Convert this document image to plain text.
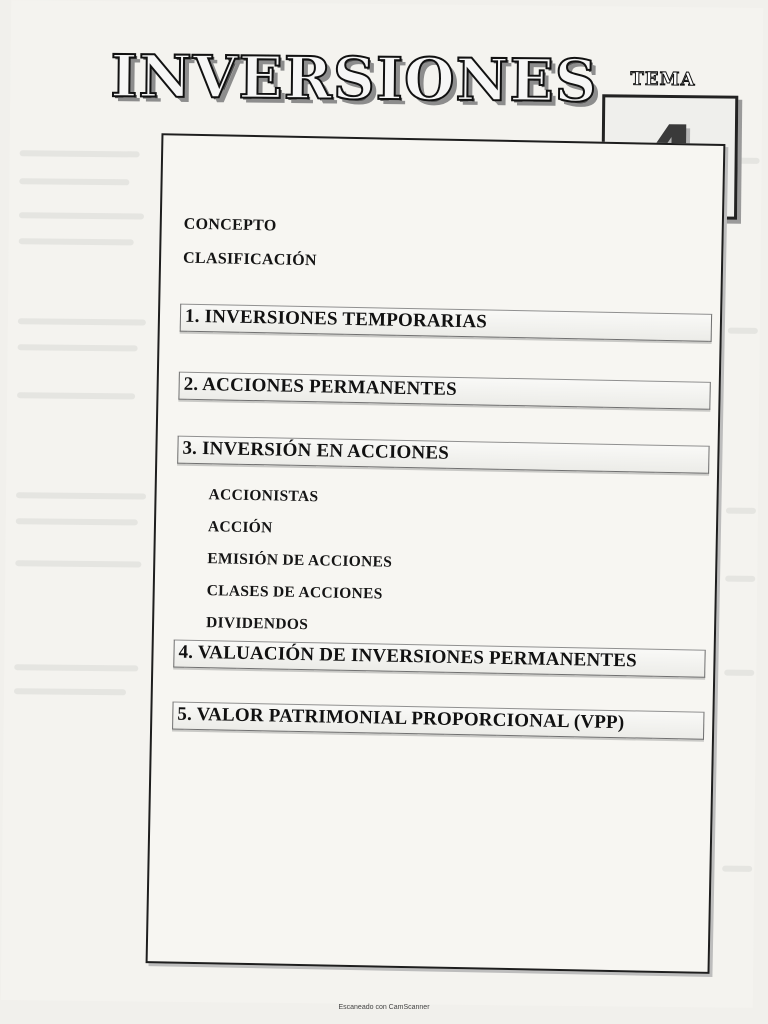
INVERSIONES TEMA

CONCEPTO

CLASIFICACIÓN

1. INVERSIONES TEMPORARIAS
2. ACCIONES PERMANENTES
3. INVERSIÓN EN ACCIONES

ACCIONISTAS

ACCIÓN

EMISIÓN DE ACCIONES

CLASES DE ACCIONES

DIVIDENDOS

4. VALUACIÓN DE INVERSIONES PERMANENTES
5. VALOR PATRIMONIAL PROPORCIONAL (VPP)
Escaneado con CamScanner
